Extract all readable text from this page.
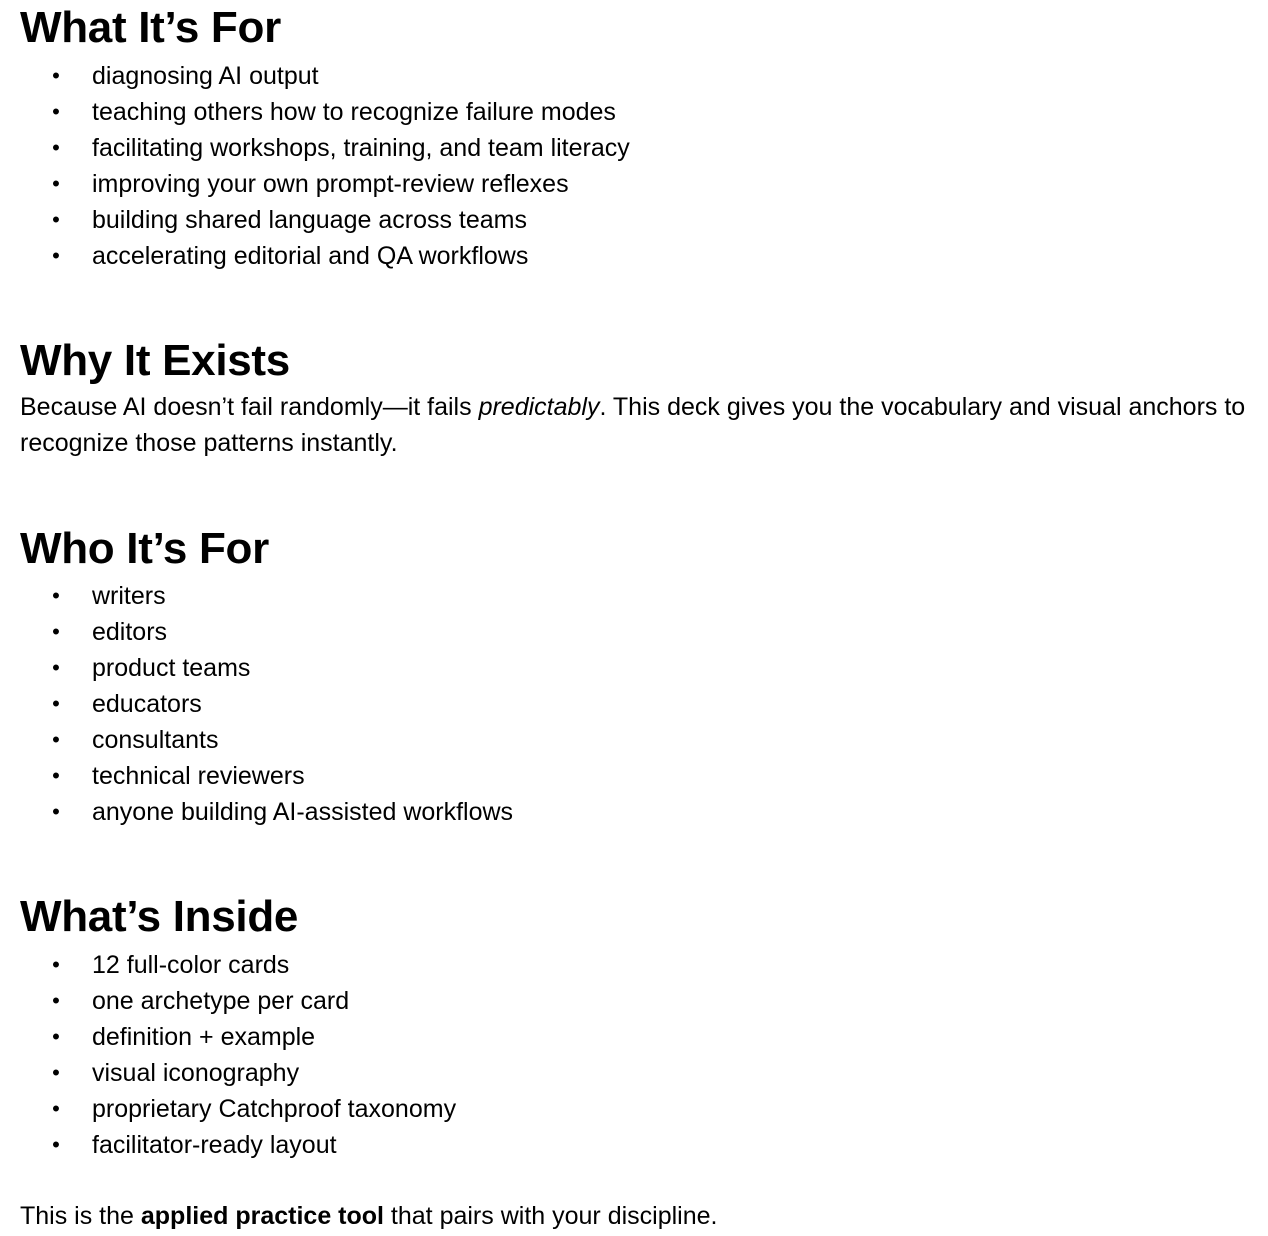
What It’s For
• diagnosing AI output
• teaching others how to recognize failure modes
• facilitating workshops, training, and team literacy
• improving your own prompt-review reflexes
• building shared language across teams
• accelerating editorial and QA workflows
Why It Exists

Because AI doesn’t fail randomly—it fails predictably. This deck gives you the vocabulary and visual anchors to recognize those patterns instantly.

Who It’s For
• writers
• editors
• product teams
• educators
• consultants
• technical reviewers
• anyone building AI-assisted workflows
What’s Inside
• 12 full-color cards
• one archetype per card
• definition + example
• visual iconography
• proprietary Catchproof taxonomy
• facilitator-ready layout

This is the applied practice tool that pairs with your discipline.
